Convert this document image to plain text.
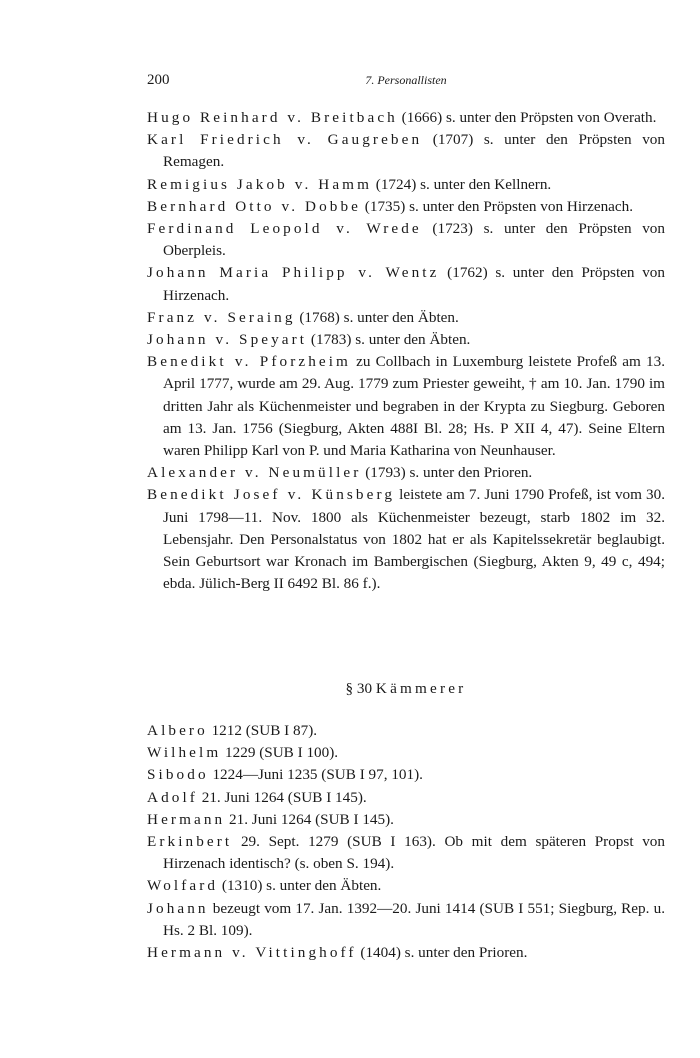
200	7. Personallisten
Hugo Reinhard v. Breitbach (1666) s. unter den Pröpsten von Overath.
Karl Friedrich v. Gaugreben (1707) s. unter den Pröpsten von Remagen.
Remigius Jakob v. Hamm (1724) s. unter den Kellnern.
Bernhard Otto v. Dobbe (1735) s. unter den Pröpsten von Hirzenach.
Ferdinand Leopold v. Wrede (1723) s. unter den Pröpsten von Oberpleis.
Johann Maria Philipp v. Wentz (1762) s. unter den Pröpsten von Hirzenach.
Franz v. Seraing (1768) s. unter den Äbten.
Johann v. Speyart (1783) s. unter den Äbten.
Benedikt v. Pforzheim zu Collbach in Luxemburg leistete Profeß am 13. April 1777, wurde am 29. Aug. 1779 zum Priester geweiht, † am 10. Jan. 1790 im dritten Jahr als Küchenmeister und begraben in der Krypta zu Siegburg. Geboren am 13. Jan. 1756 (Siegburg, Akten 488I Bl. 28; Hs. P XII 4, 47). Seine Eltern waren Philipp Karl von P. und Maria Katharina von Neunhauser.
Alexander v. Neumüller (1793) s. unter den Prioren.
Benedikt Josef v. Künsberg leistete am 7. Juni 1790 Profeß, ist vom 30. Juni 1798—11. Nov. 1800 als Küchenmeister bezeugt, starb 1802 im 32. Lebensjahr. Den Personalstatus von 1802 hat er als Kapitelssekretär beglaubigt. Sein Geburtsort war Kronach im Bambergischen (Siegburg, Akten 9, 49 c, 494; ebda. Jülich-Berg II 6492 Bl. 86 f.).
§ 30 Kämmerer
Albero 1212 (SUB I 87).
Wilhelm 1229 (SUB I 100).
Sibodo 1224—Juni 1235 (SUB I 97, 101).
Adolf 21. Juni 1264 (SUB I 145).
Hermann 21. Juni 1264 (SUB I 145).
Erkinbert 29. Sept. 1279 (SUB I 163). Ob mit dem späteren Propst von Hirzenach identisch? (s. oben S. 194).
Wolfard (1310) s. unter den Äbten.
Johann bezeugt vom 17. Jan. 1392—20. Juni 1414 (SUB I 551; Siegburg, Rep. u. Hs. 2 Bl. 109).
Hermann v. Vittinghoff (1404) s. unter den Prioren.
